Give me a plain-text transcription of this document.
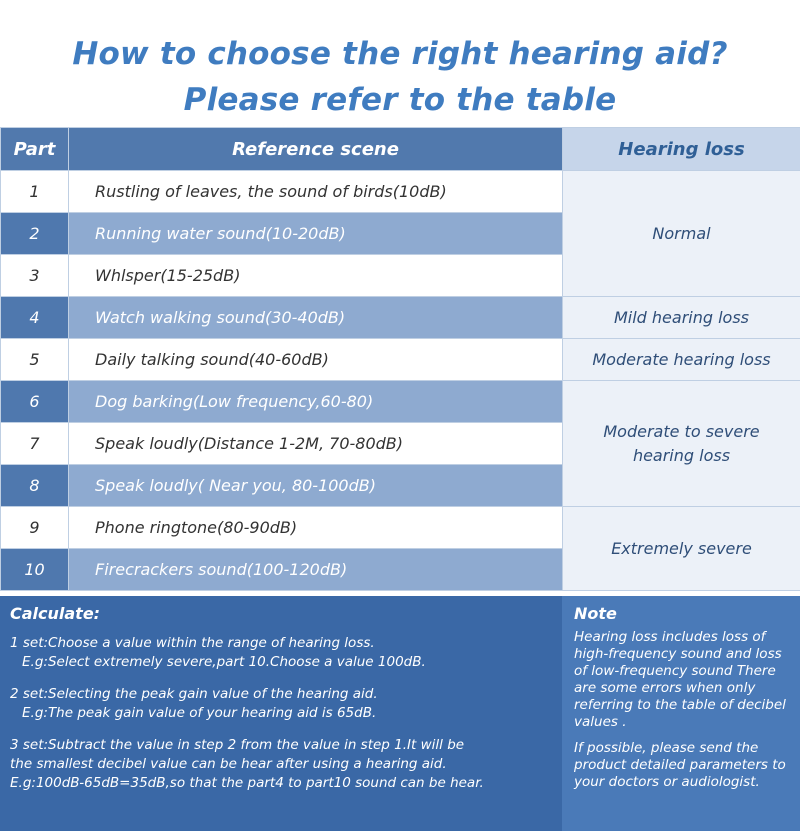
How to choose the right hearing aid?
Please refer to the table
Part	Reference scene	Hearing loss
1	Rustling of leaves, the sound of birds(10dB)	Normal
2	Running water sound(10-20dB)	
3	Whlsper(15-25dB)	
4	Watch walking sound(30-40dB)	Mild hearing loss
5	Daily talking sound(40-60dB)	Moderate hearing loss
6	Dog barking(Low frequency,60-80)	Moderate to severe
hearing loss
7	Speak loudly(Distance 1-2M, 70-80dB)	
8	Speak loudly( Near you, 80-100dB)	
9	Phone ringtone(80-90dB)	Extremely severe
10	Firecrackers sound(100-120dB)	
Calculate:

1 set:Choose a value within the range of hearing loss.
E.g:Select extremely severe,part 10.Choose a value 100dB.

2 set:Selecting the peak gain value of the hearing aid.
E.g:The peak gain value of your hearing aid is 65dB.

3 set:Subtract the value in step 2 from the value in step 1.It will be
the smallest decibel value can be hear after using a hearing aid.
E.g:100dB-65dB=35dB,so that the part4 to part10 sound can be hear.

Note

Hearing loss includes loss of high-frequency sound and loss of low-frequency sound There are some errors when only referring to the table of decibel values .

If possible, please send the product detailed parameters to your doctors or audiologist.
